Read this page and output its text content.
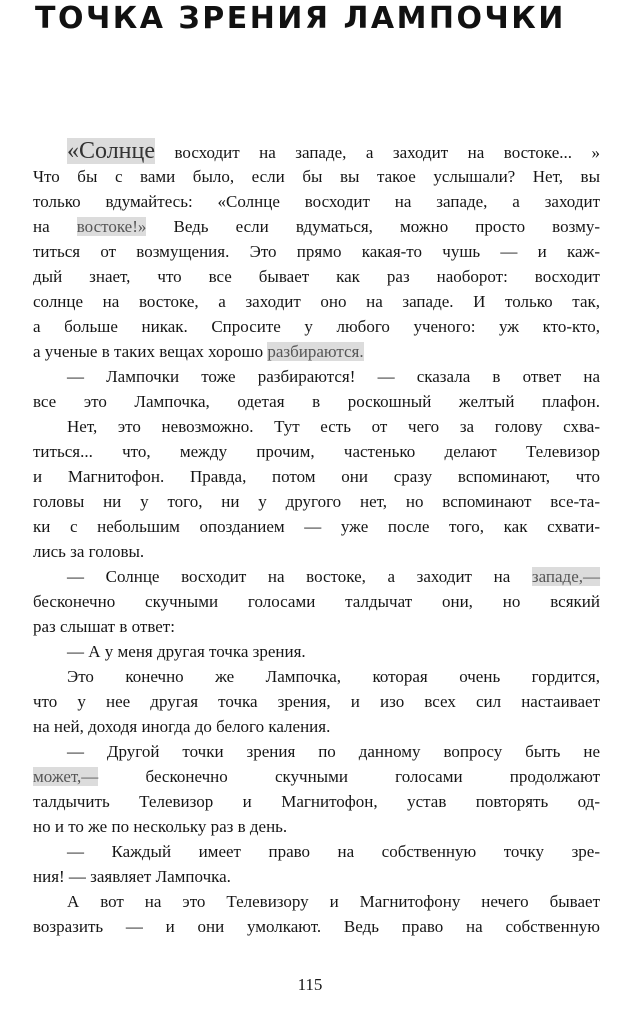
ТОЧКА ЗРЕНИЯ ЛАМПОЧКИ
«Солнце восходит на западе, а заходит на востоке... »
Что бы с вами было, если бы вы такое услышали? Нет, вы
только вдумайтесь: «Солнце восходит на западе, а заходит
на востоке!» Ведь если вдуматься, можно просто возму-
титься от возмущения. Это прямо какая-то чушь — и каж-
дый знает, что все бывает как раз наоборот: восходит
солнце на востоке, а заходит оно на западе. И только так,
а больше никак. Спросите у любого ученого: уж кто-кто,
а ученые в таких вещах хорошо разбираются.
— Лампочки тоже разбираются! — сказала в ответ на
все это Лампочка, одетая в роскошный желтый плафон.
Нет, это невозможно. Тут есть от чего за голову схва-
титься... что, между прочим, частенько делают Телевизор
и Магнитофон. Правда, потом они сразу вспоминают, что
головы ни у того, ни у другого нет, но вспоминают все-та-
ки с небольшим опозданием — уже после того, как схвати-
лись за головы.
— Солнце восходит на востоке, а заходит на западе,—
бесконечно скучными голосами талдычат они, но всякий
раз слышат в ответ:
— А у меня другая точка зрения.
Это конечно же Лампочка, которая очень гордится,
что у нее другая точка зрения, и изо всех сил настаивает
на ней, доходя иногда до белого каления.
— Другой точки зрения по данному вопросу быть не
может,— бесконечно скучными голосами продолжают
талдычить Телевизор и Магнитофон, устав повторять од-
но и то же по нескольку раз в день.
— Каждый имеет право на собственную точку зре-
ния! — заявляет Лампочка.
А вот на это Телевизору и Магнитофону нечего бывает
возразить — и они умолкают. Ведь право на собственную
115
